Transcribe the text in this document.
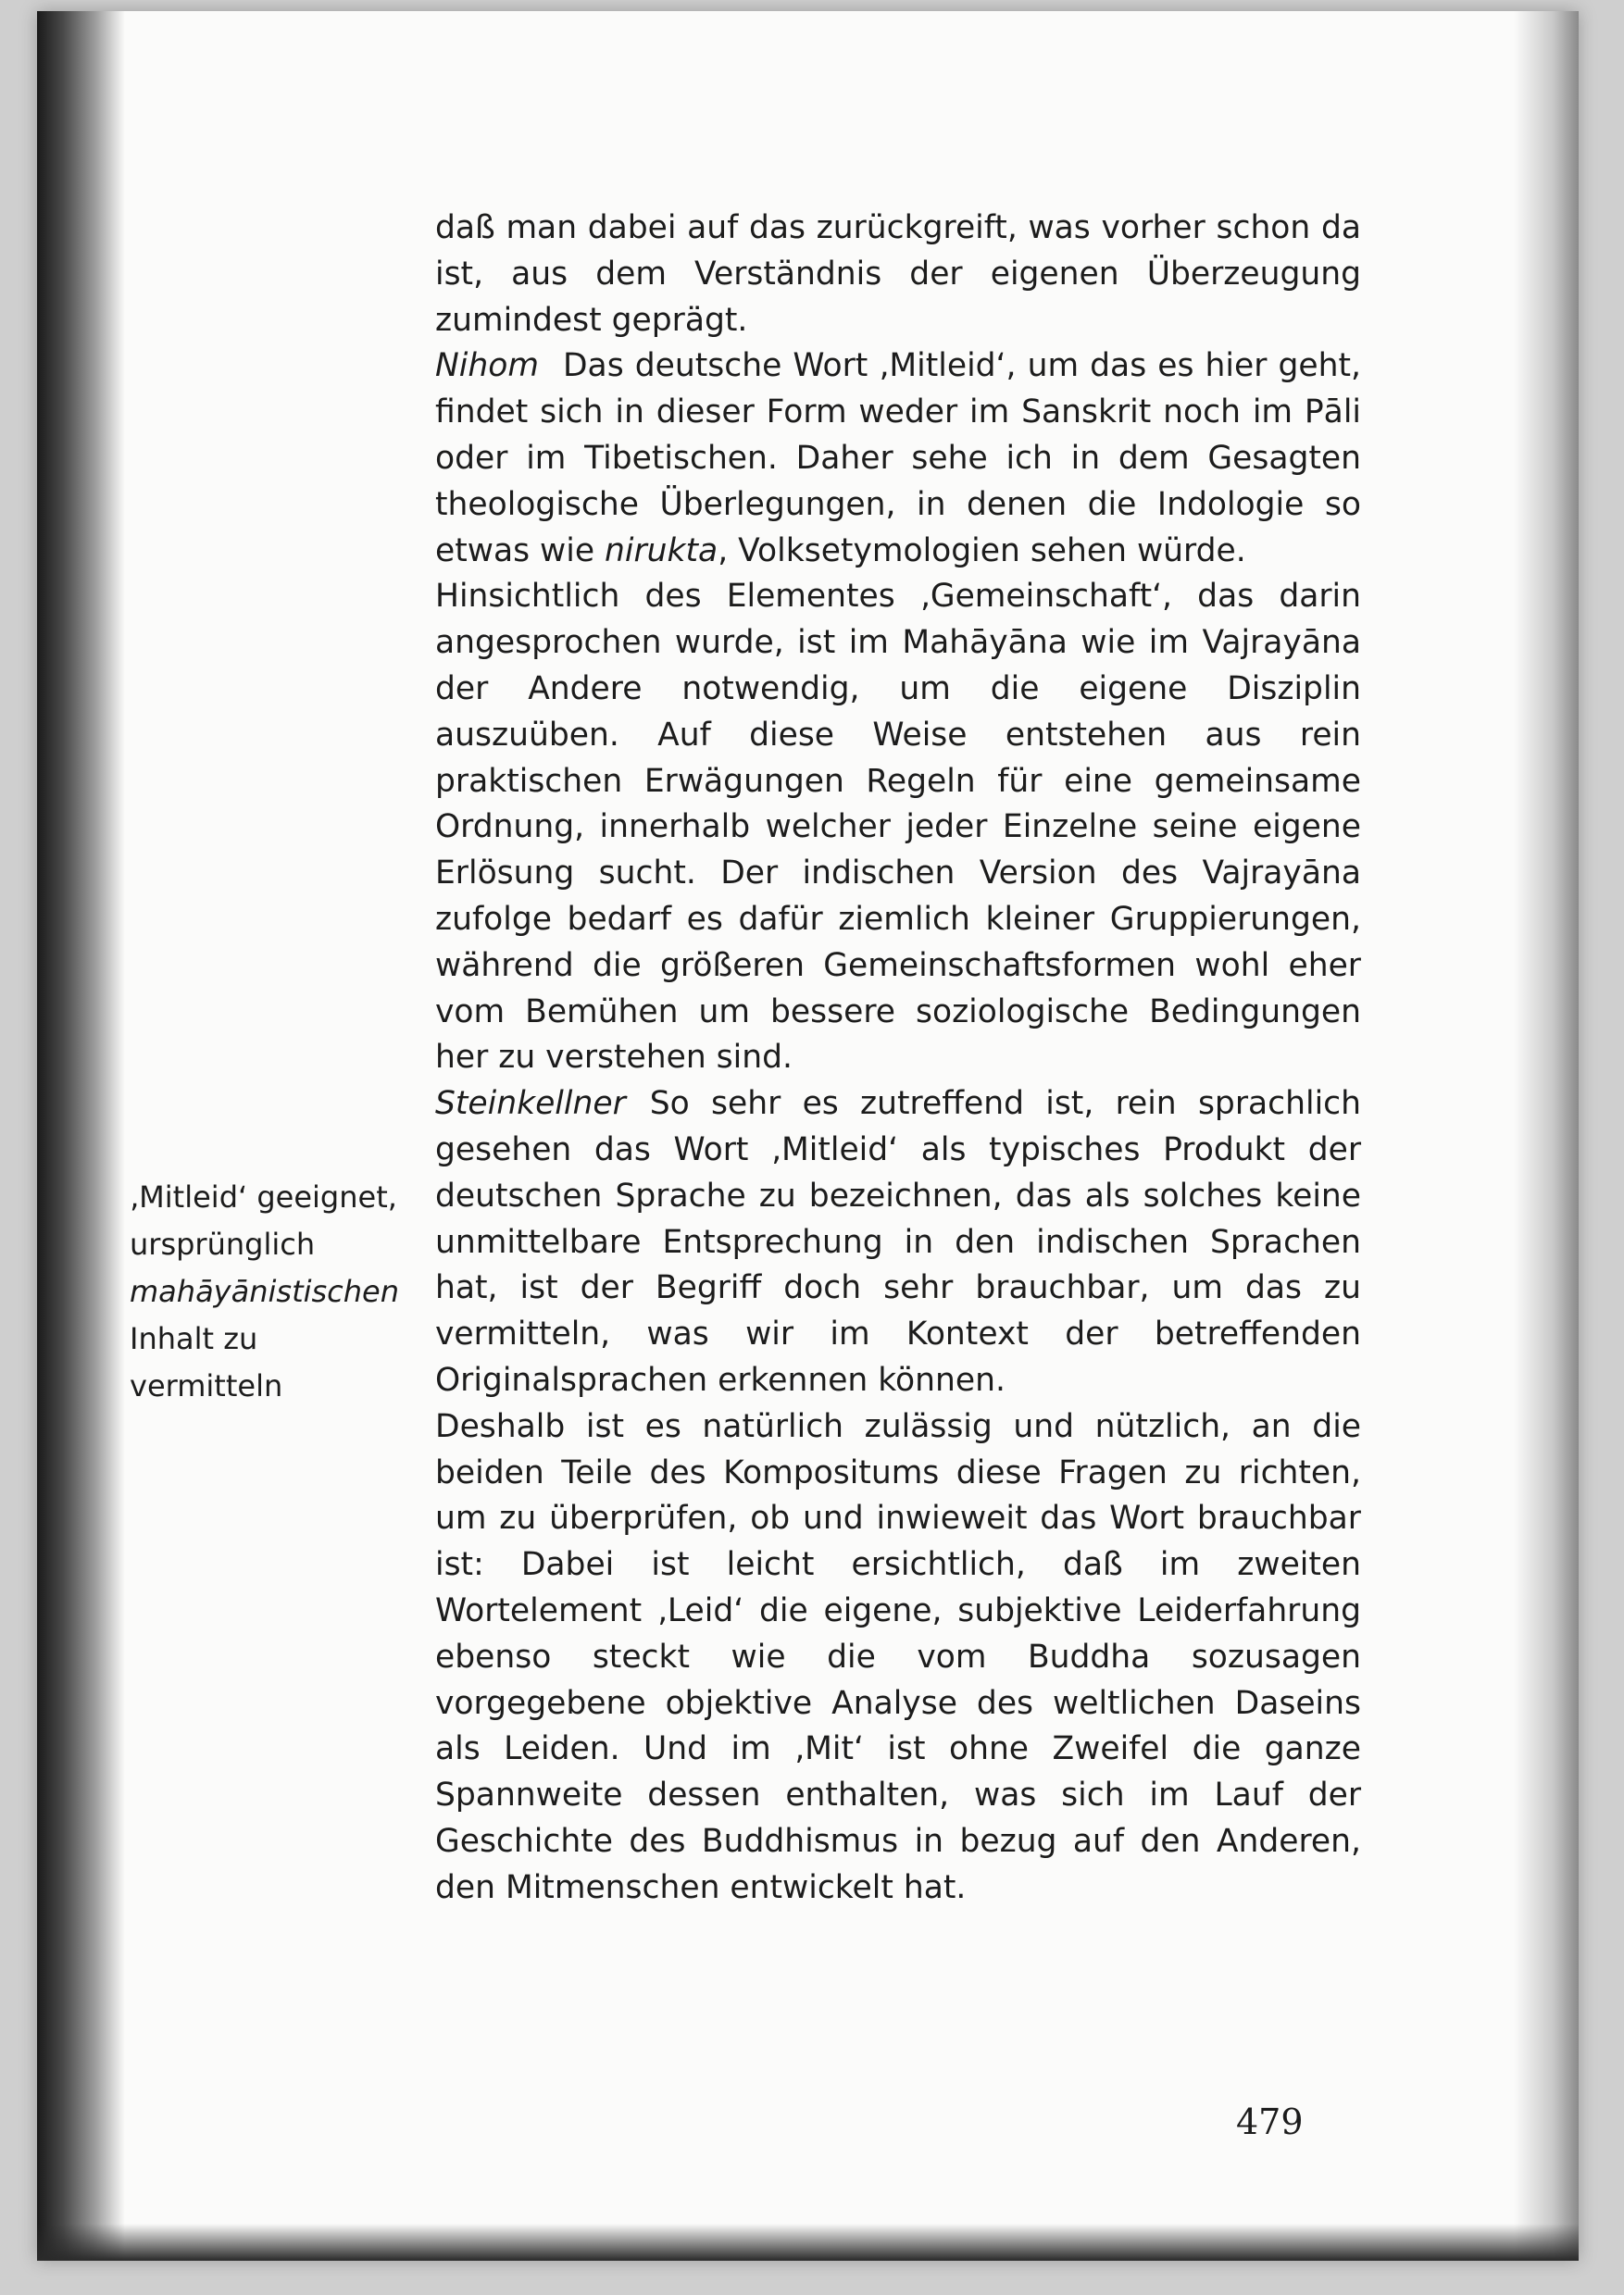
daß man dabei auf das zurückgreift, was vorher schon da ist, aus dem Verständnis der eigenen Überzeugung zumindest geprägt.

Nihom Das deutsche Wort ‚Mitleid‘, um das es hier geht, findet sich in dieser Form weder im Sanskrit noch im Pāli oder im Tibetischen. Daher sehe ich in dem Gesagten theologische Überlegungen, in denen die Indologie so etwas wie nirukta, Volksetymologien sehen würde.

Hinsichtlich des Elementes ‚Gemeinschaft‘, das darin angesprochen wurde, ist im Mahāyāna wie im Vajrayāna der Andere notwendig, um die eigene Disziplin auszuüben. Auf diese Weise entstehen aus rein praktischen Erwägungen Regeln für eine gemeinsame Ordnung, innerhalb welcher jeder Einzelne seine eigene Erlösung sucht. Der indischen Version des Vajrayāna zufolge bedarf es dafür ziemlich kleiner Gruppierungen, während die größeren Gemeinschaftsformen wohl eher vom Bemühen um bessere soziologische Bedingungen her zu verstehen sind.

Steinkellner So sehr es zutreffend ist, rein sprachlich gesehen das Wort ‚Mitleid‘ als typisches Produkt der deutschen Sprache zu bezeichnen, das als solches keine unmittelbare Entsprechung in den indischen Sprachen hat, ist der Begriff doch sehr brauchbar, um das zu vermitteln, was wir im Kontext der betreffenden Originalsprachen erkennen können.

Deshalb ist es natürlich zulässig und nützlich, an die beiden Teile des Kompositums diese Fragen zu richten, um zu überprüfen, ob und inwieweit das Wort brauchbar ist: Dabei ist leicht ersichtlich, daß im zweiten Wortelement ‚Leid‘ die eigene, subjektive Leiderfahrung ebenso steckt wie die vom Buddha sozusagen vorgegebene objektive Analyse des weltlichen Daseins als Leiden. Und im ‚Mit‘ ist ohne Zweifel die ganze Spannweite dessen enthalten, was sich im Lauf der Geschichte des Buddhismus in bezug auf den Anderen, den Mitmenschen entwickelt hat.

‚Mitleid‘ geeignet, ursprünglich mahāyānistischen Inhalt zu vermitteln
479
